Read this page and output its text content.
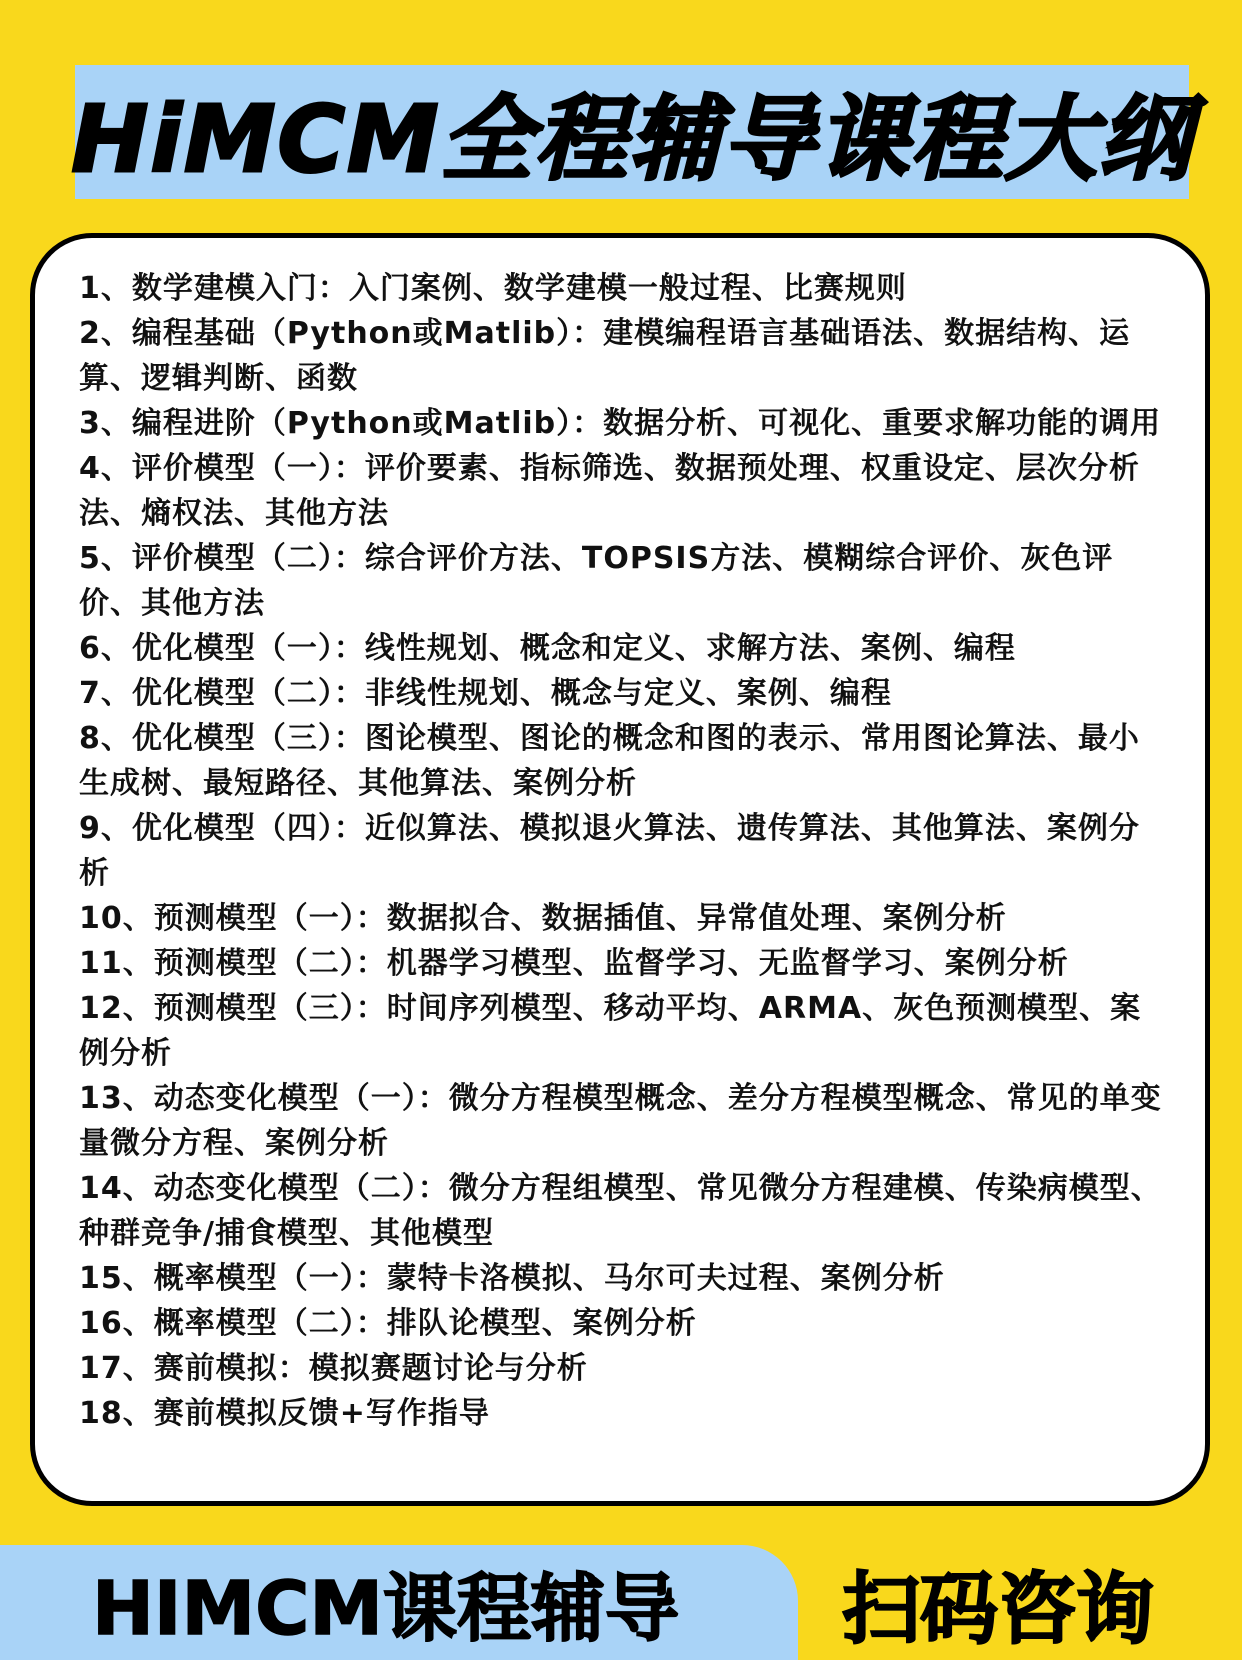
HiMCM全程辅导课程大纲

1、数学建模入门：入门案例、数学建模一般过程、比赛规则

2、编程基础（Python或Matlib）：建模编程语言基础语法、数据结构、运算、逻辑判断、函数

3、编程进阶（Python或Matlib）：数据分析、可视化、重要求解功能的调用

4、评价模型（一）：评价要素、指标筛选、数据预处理、权重设定、层次分析法、熵权法、其他方法

5、评价模型（二）：综合评价方法、TOPSIS方法、模糊综合评价、灰色评价、其他方法

6、优化模型（一）：线性规划、概念和定义、求解方法、案例、编程

7、优化模型（二）：非线性规划、概念与定义、案例、编程

8、优化模型（三）：图论模型、图论的概念和图的表示、常用图论算法、最小生成树、最短路径、其他算法、案例分析

9、优化模型（四）：近似算法、模拟退火算法、遗传算法、其他算法、案例分析

10、预测模型（一）：数据拟合、数据插值、异常值处理、案例分析

11、预测模型（二）：机器学习模型、监督学习、无监督学习、案例分析

12、预测模型（三）：时间序列模型、移动平均、ARMA、灰色预测模型、案例分析

13、动态变化模型（一）：微分方程模型概念、差分方程模型概念、常见的单变量微分方程、案例分析

14、动态变化模型（二）：微分方程组模型、常见微分方程建模、传染病模型、种群竞争/捕食模型、其他模型

15、概率模型（一）：蒙特卡洛模拟、马尔可夫过程、案例分析

16、概率模型（二）：排队论模型、案例分析

17、赛前模拟：模拟赛题讨论与分析

18、赛前模拟反馈+写作指导

HIMCM课程辅导 扫码咨询
